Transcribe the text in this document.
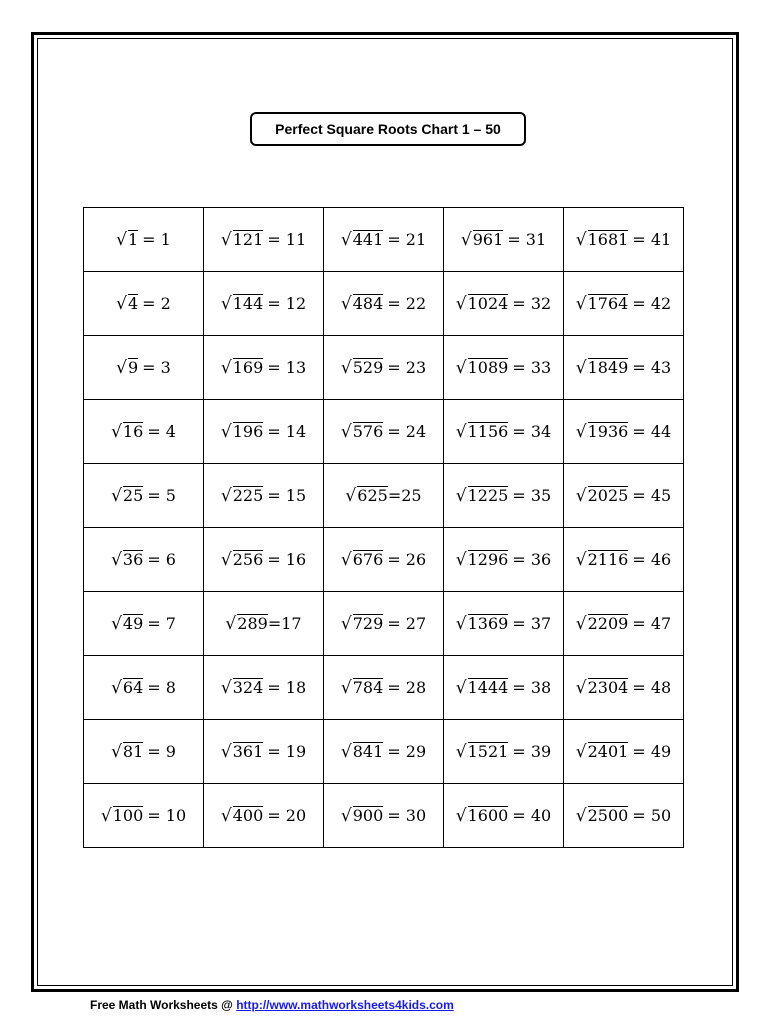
Perfect Square Roots Chart 1 – 50
√1 = 1	√121 = 11	√441 = 21	√961 = 31	√1681 = 41
√4 = 2	√144 = 12	√484 = 22	√1024 = 32	√1764 = 42
√9 = 3	√169 = 13	√529 = 23	√1089 = 33	√1849 = 43
√16 = 4	√196 = 14	√576 = 24	√1156 = 34	√1936 = 44
√25 = 5	√225 = 15	√625=25	√1225 = 35	√2025 = 45
√36 = 6	√256 = 16	√676 = 26	√1296 = 36	√2116 = 46
√49 = 7	√289=17	√729 = 27	√1369 = 37	√2209 = 47
√64 = 8	√324 = 18	√784 = 28	√1444 = 38	√2304 = 48
√81 = 9	√361 = 19	√841 = 29	√1521 = 39	√2401 = 49
√100 = 10	√400 = 20	√900 = 30	√1600 = 40	√2500 = 50
Free Math Worksheets @ http://www.mathworksheets4kids.com
